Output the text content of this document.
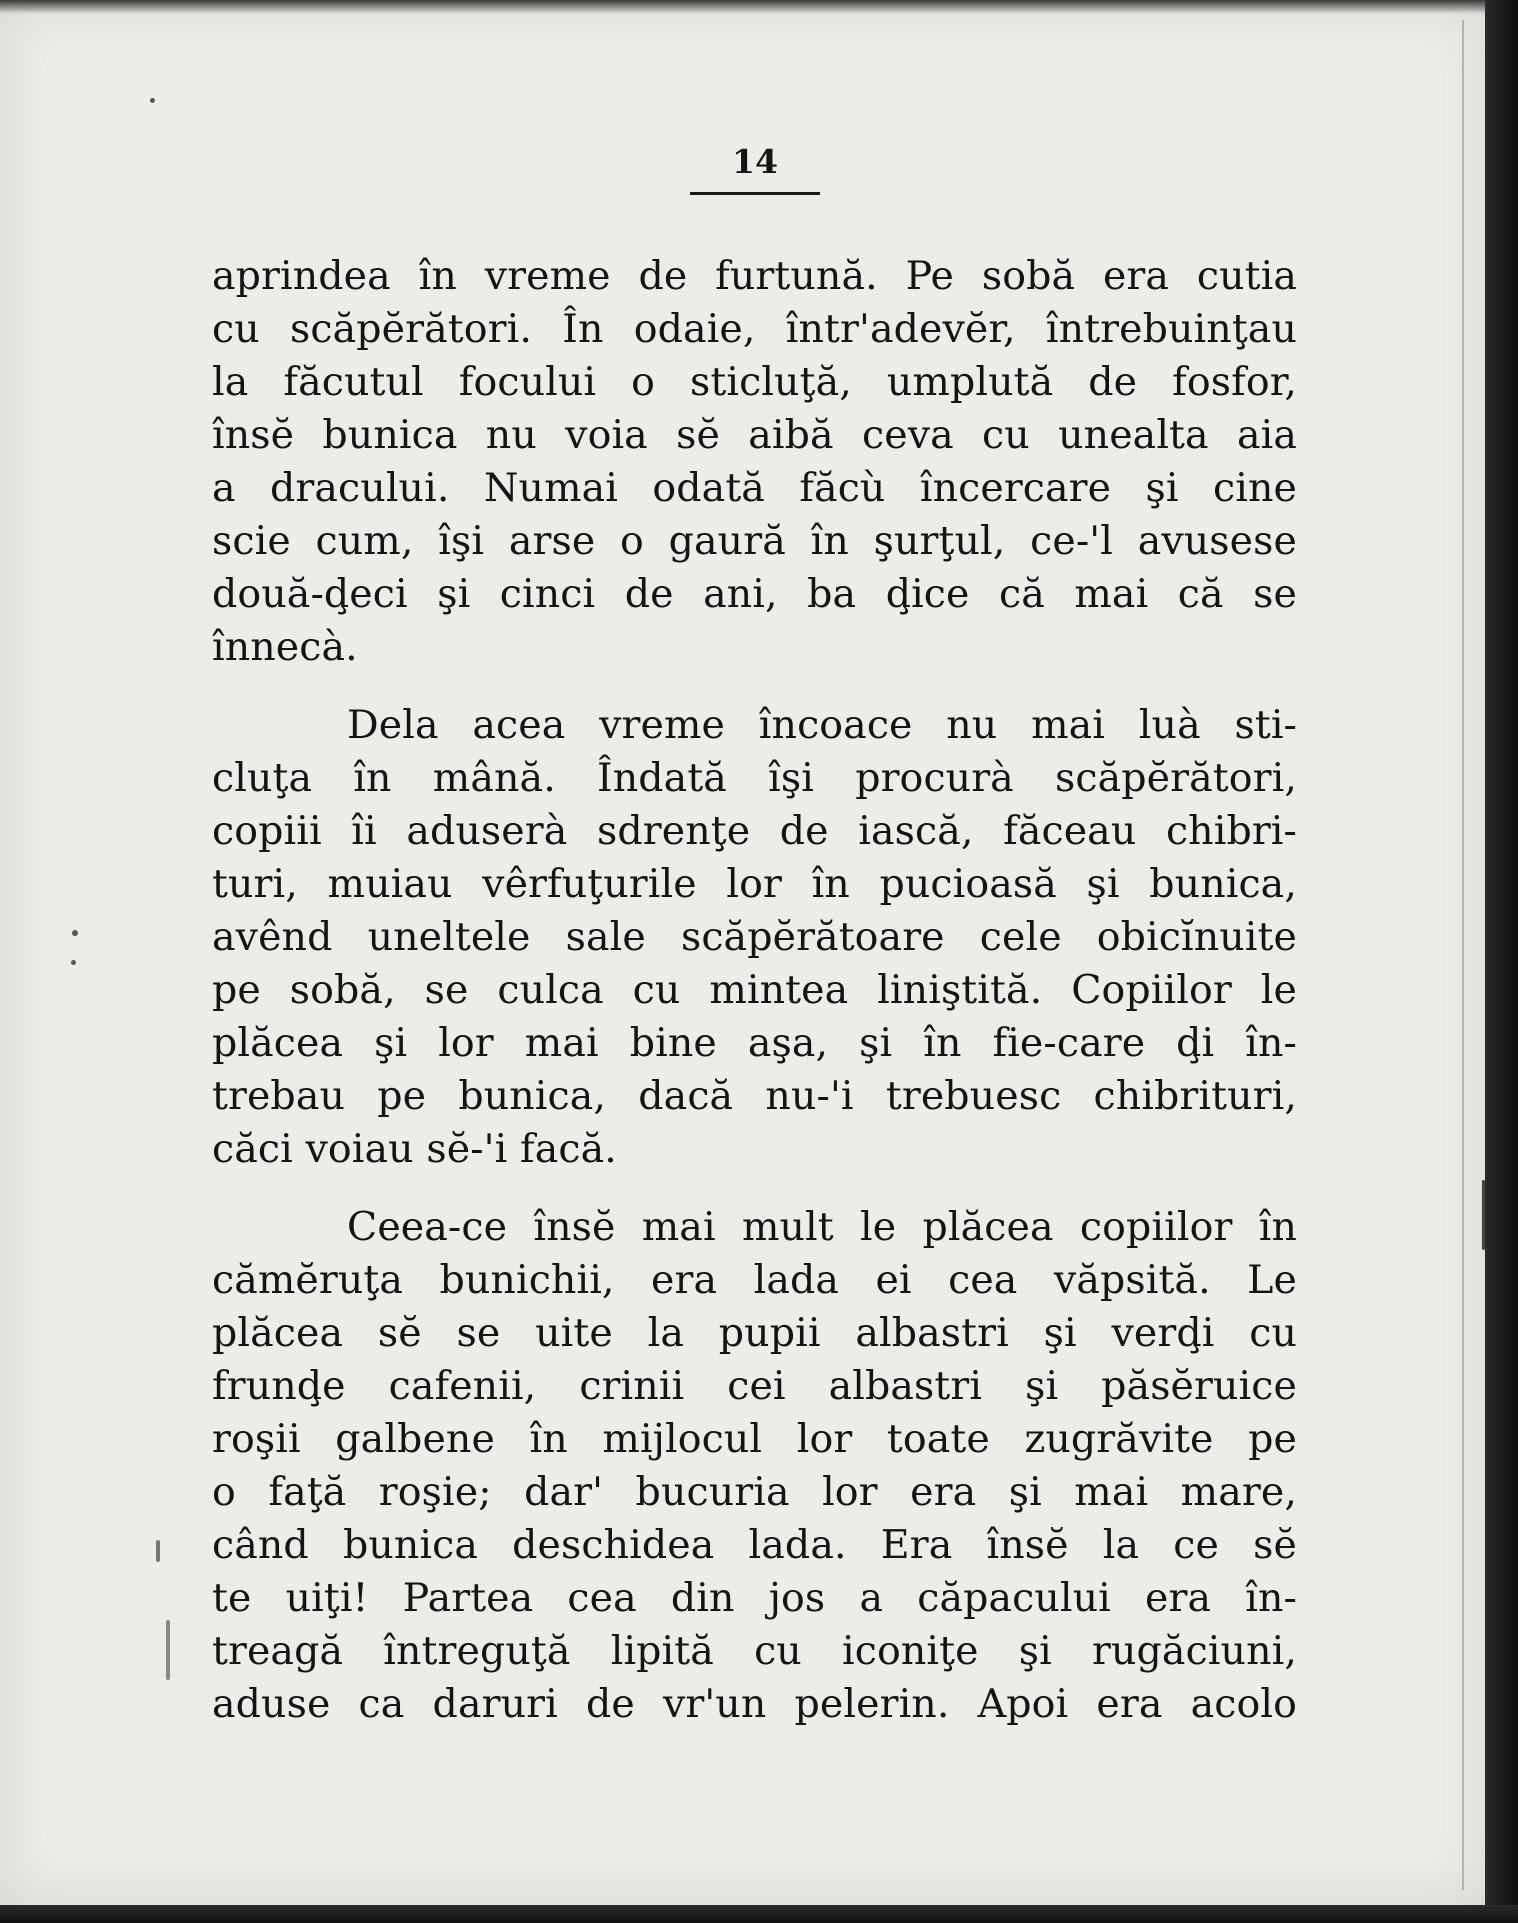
14

aprindea în vreme de furtună. Pe sobă era cutia
cu scăpĕrători. În odaie, într'adevĕr, întrebuinţau
la făcutul focului o sticluţă, umplută de fosfor,
însĕ bunica nu voia sĕ aibă ceva cu unealta aia
a dracului. Numai odată făcù încercare şi cine
scie cum, îşi arse o gaură în şurţul, ce-'l avusese
două-ḑeci şi cinci de ani, ba ḑice că mai că se
înnecà.

Dela acea vreme încoace nu mai luà sti-
cluţa în mână. Îndată îşi procurà scăpĕrători,
copiii îi aduserà sdrenţe de iască, făceau chibri-
turi, muiau vêrfuţurile lor în pucioasă şi bunica,
avênd uneltele sale scăpĕrătoare cele obicĭnuite
pe sobă, se culca cu mintea liniştită. Copiilor le
plăcea şi lor mai bine aşa, şi în fie-care ḑi în-
trebau pe bunica, dacă nu-'i trebuesc chibrituri,
căci voiau sĕ-'i facă.

Ceea-ce însĕ mai mult le plăcea copiilor în
cămĕruţa bunichii, era lada ei cea văpsită. Le
plăcea sĕ se uite la pupii albastri şi verḑi cu
frunḑe cafenii, crinii cei albastri şi păsĕruice
roşii galbene în mijlocul lor toate zugrăvite pe
o faţă roşie; dar' bucuria lor era şi mai mare,
când bunica deschidea lada. Era însĕ la ce sĕ
te uiţi! Partea cea din jos a căpacului era în-
treagă întreguţă lipită cu iconiţe şi rugăciuni,
aduse ca daruri de vr'un pelerin. Apoi era acolo
